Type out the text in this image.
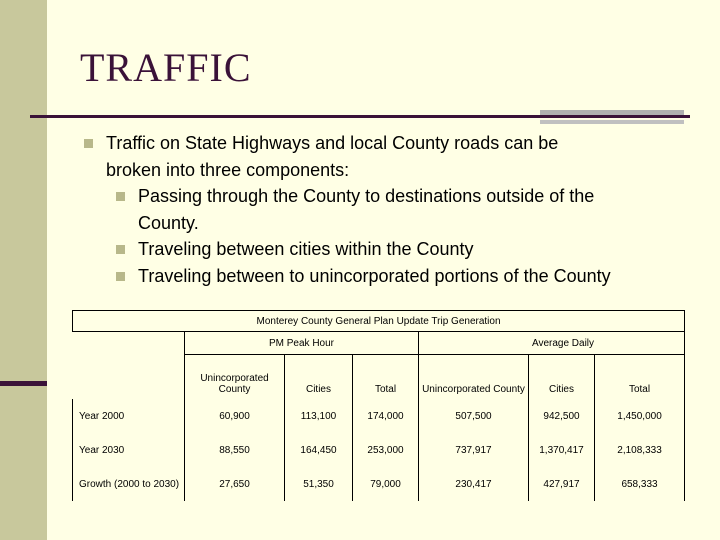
TRAFFIC
Traffic on State Highways and local County roads can be
broken into three components:
Passing through the County to destinations outside of the
County.
Traveling between cities within the County
Traveling between to unincorporated portions of the County
Monterey County General Plan Update Trip Generation						
	PM Peak Hour			Average Daily		
	Unincorporated County	Cities	Total	Unincorporated County	Cities	Total
Year 2000	60,900	113,100	174,000	507,500	942,500	1,450,000
Year 2030	88,550	164,450	253,000	737,917	1,370,417	2,108,333
Growth (2000 to 2030)	27,650	51,350	79,000	230,417	427,917	658,333
